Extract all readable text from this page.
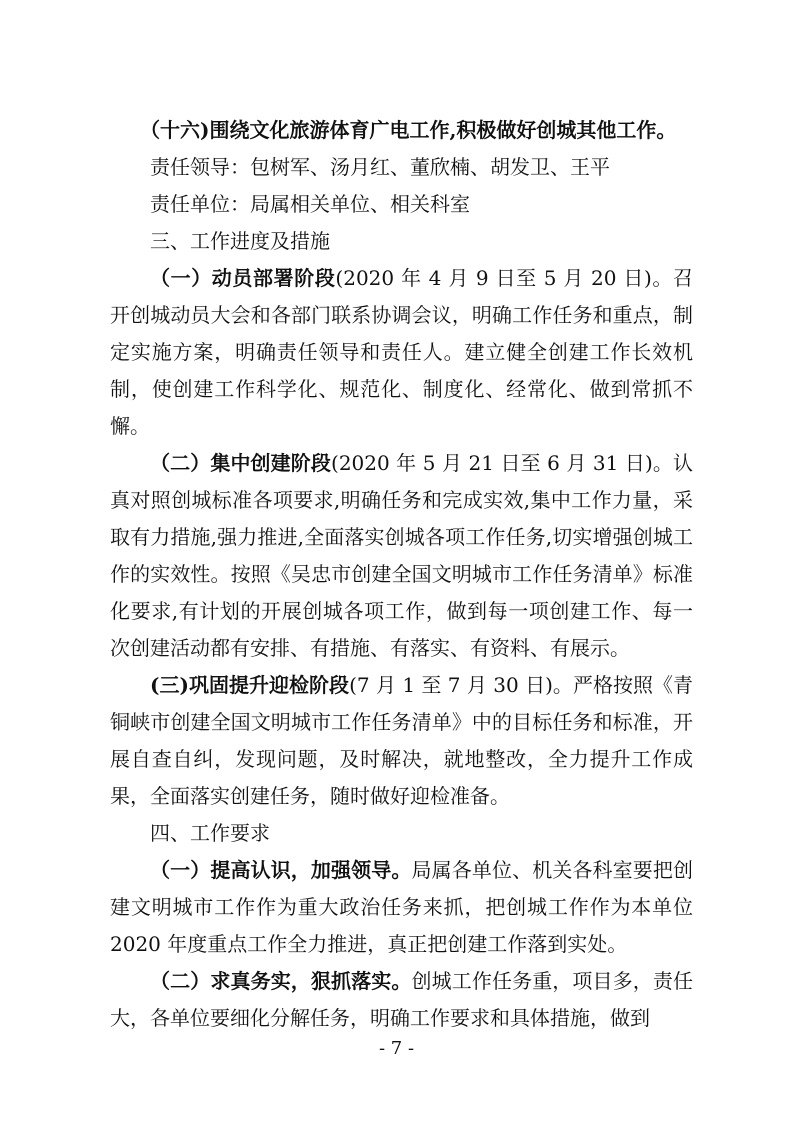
（十六)围绕文化旅游体育广电工作,积极做好创城其他工作。

责任领导：包树军、汤月红、董欣楠、胡发卫、王平

责任单位：局属相关单位、相关科室

三、工作进度及措施

（一）动员部署阶段(2020 年 4 月 9 日至 5 月 20 日)。召开创城动员大会和各部门联系协调会议，明确工作任务和重点，制定实施方案，明确责任领导和责任人。建立健全创建工作长效机制，使创建工作科学化、规范化、制度化、经常化、做到常抓不懈。

（二）集中创建阶段(2020 年 5 月 21 日至 6 月 31 日)。认真对照创城标准各项要求,明确任务和完成实效,集中工作力量，采取有力措施,强力推进,全面落实创城各项工作任务,切实增强创城工作的实效性。按照《吴忠市创建全国文明城市工作任务清单》标准化要求,有计划的开展创城各项工作，做到每一项创建工作、每一次创建活动都有安排、有措施、有落实、有资料、有展示。

(三)巩固提升迎检阶段(7 月 1 至 7 月 30 日)。严格按照《青铜峡市创建全国文明城市工作任务清单》中的目标任务和标准，开展自查自纠，发现问题，及时解决，就地整改，全力提升工作成果，全面落实创建任务，随时做好迎检准备。

四、工作要求

（一）提高认识，加强领导。局属各单位、机关各科室要把创建文明城市工作作为重大政治任务来抓，把创城工作作为本单位 2020 年度重点工作全力推进，真正把创建工作落到实处。

（二）求真务实，狠抓落实。创城工作任务重，项目多，责任大，各单位要细化分解任务，明确工作要求和具体措施，做到

- 7 -
